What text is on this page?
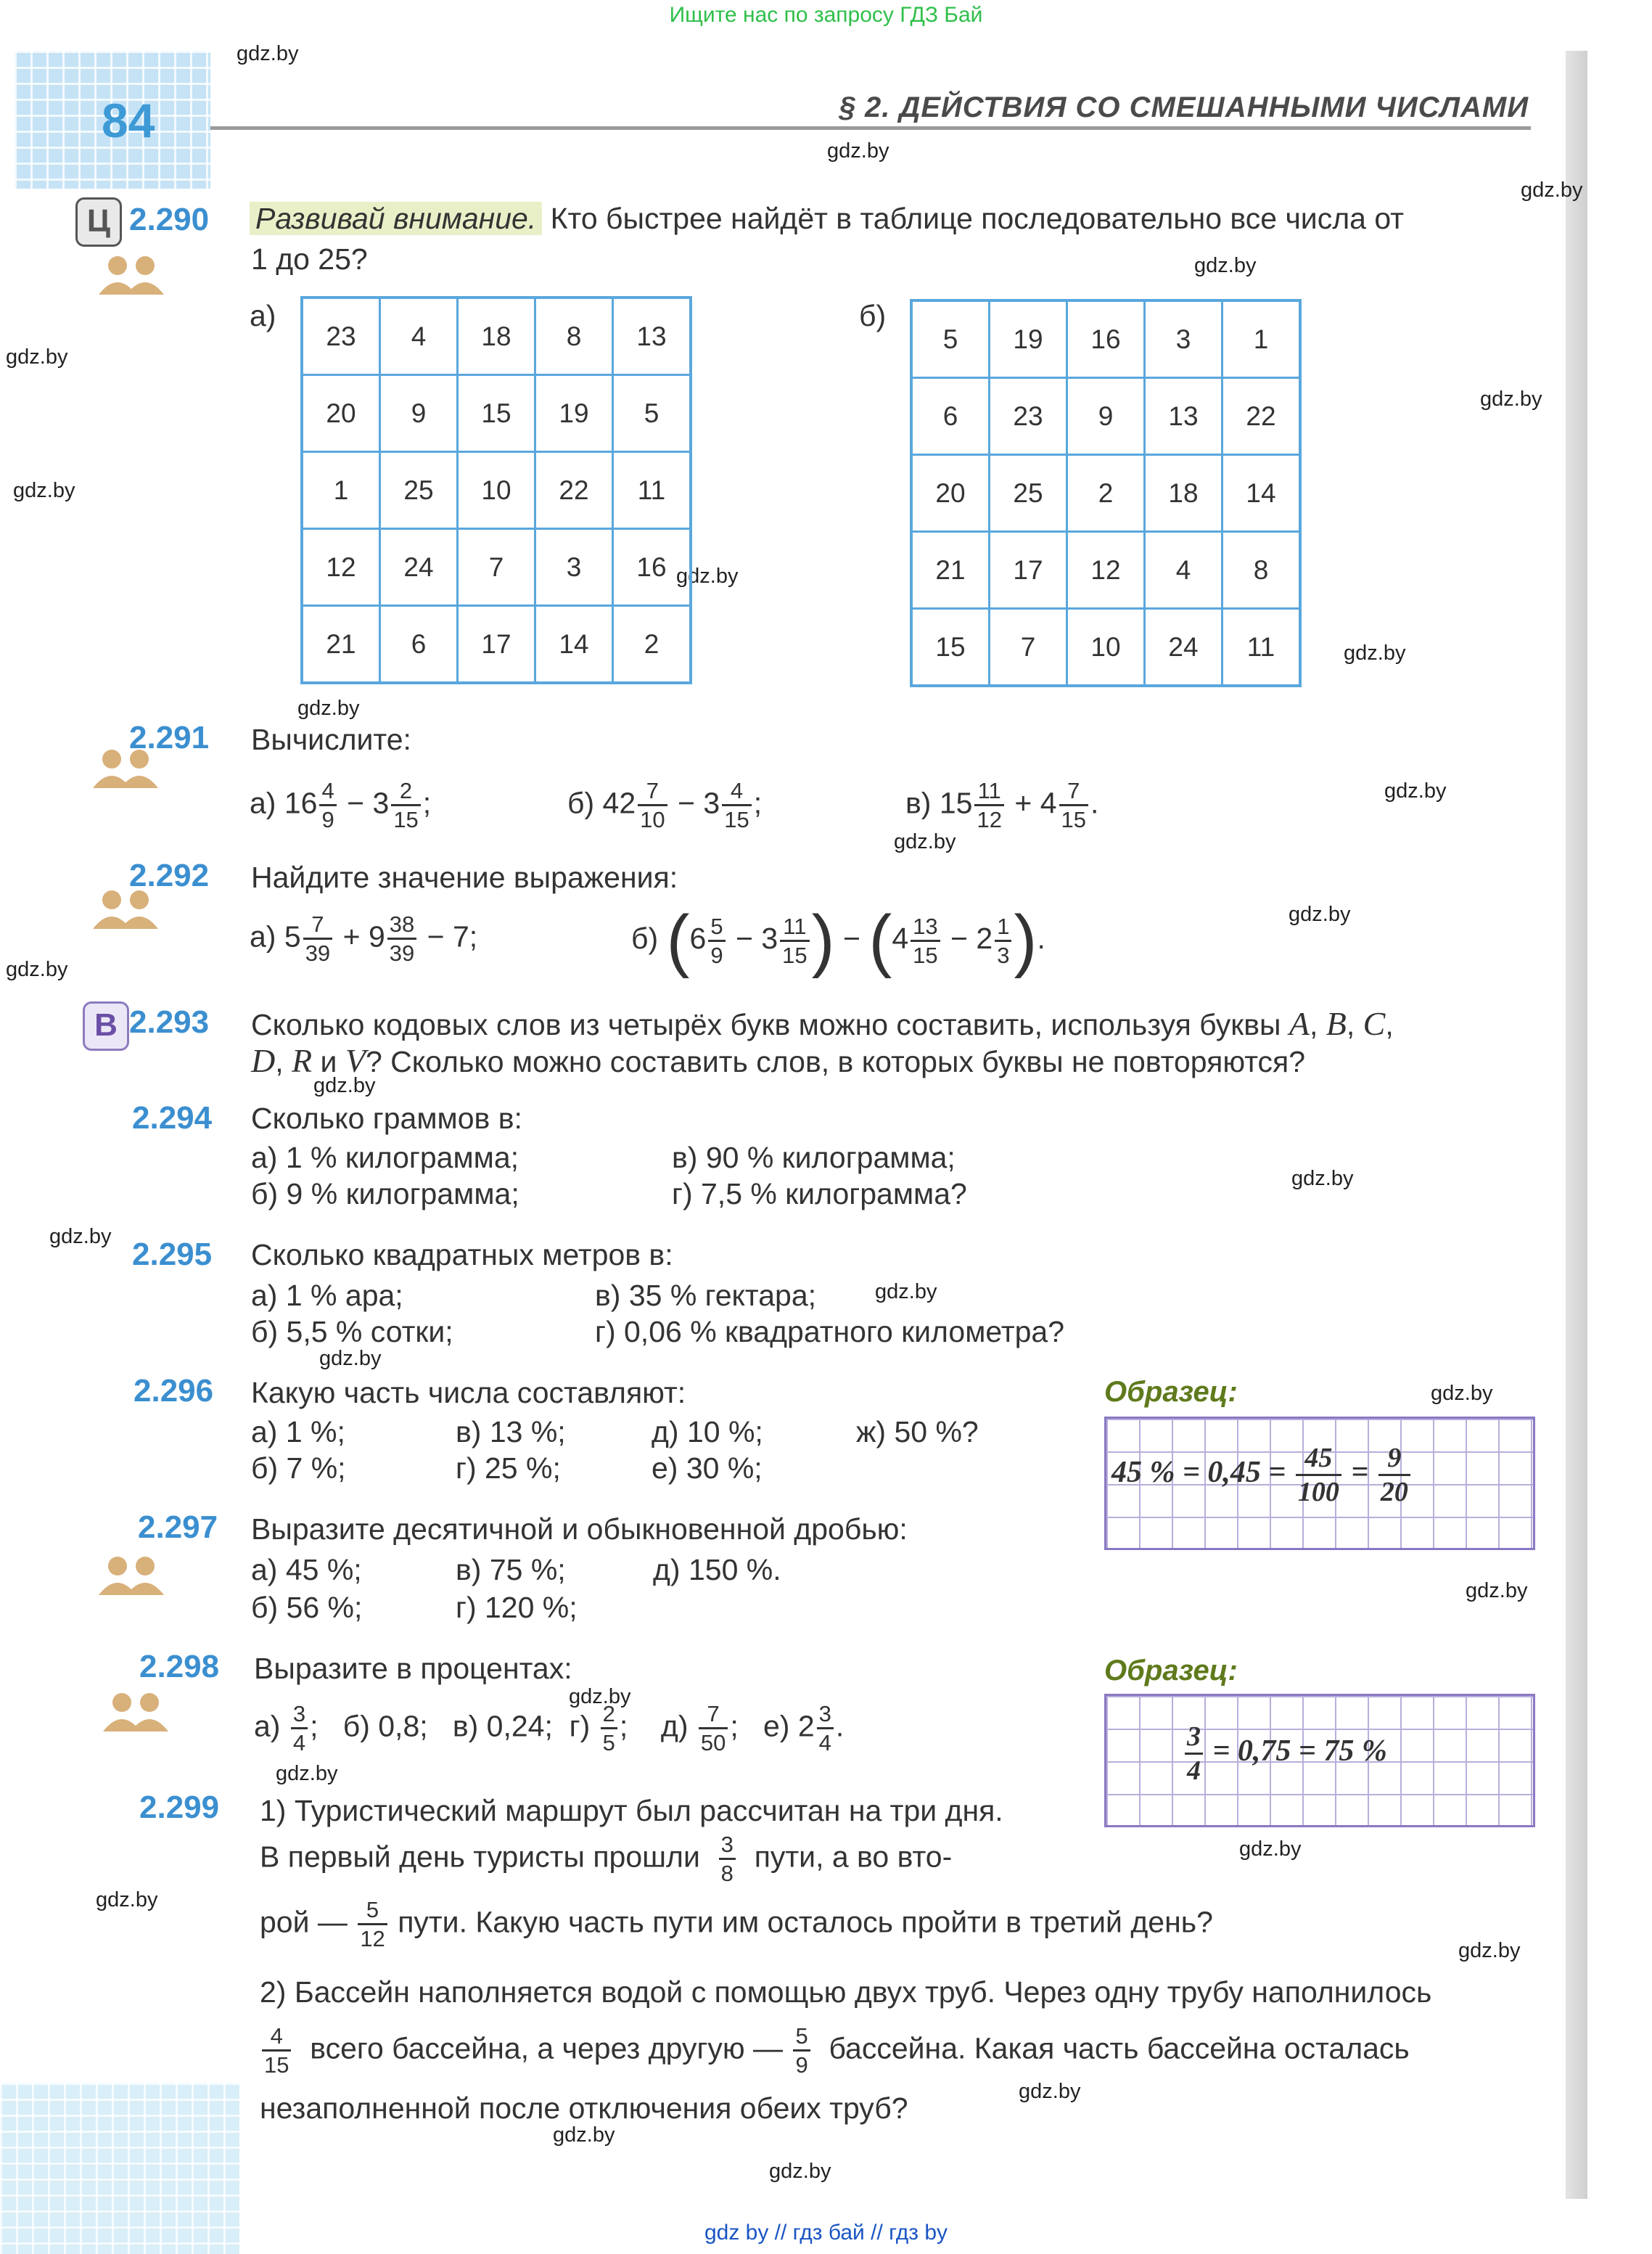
Ищите нас по запросу ГДЗ Бай
84	§ 2. ДЕЙСТВИЯ СО СМЕШАННЫМИ ЧИСЛАМИ
gdz.by
gdz.by
gdz.by
gdz.by
gdz.by
gdz.by
gdz.by
gdz.by
gdz.by
gdz.by
gdz.by
gdz.by
gdz.by
gdz.by
gdz.by
gdz.by
gdz.by
gdz.by
gdz.by
gdz.by
gdz.by
gdz.by
gdz.by
gdz.by
gdz.by
gdz.by
gdz.by
gdz.by
gdz.by
Ц 2.290 Развивай внимание. Кто быстрее найдёт в таблице последовательно все числа от
1 до 25?
а)	б)
23	4	18	8	13
20	9	15	19	5
1	25	10	22	11
12	24	7	3	16
21	6	17	14	2
5	19	16	3	1
6	23	9	13	22
20	25	2	18	14
21	17	12	4	8
15	7	10	24	11
2.291 Вычислите:
а) $16 \frac{4}{9} - 3 \frac{2}{15}$ ;	б) $42 \frac{7}{10} - 3 \frac{4}{15}$ ;	в) $15 \frac{11}{12} + 4 \frac{7}{15}$ .
2.292 Найдите значение выражения:
а) $5 \frac{7}{39} + 9 \frac{38}{39} - 7$;	б) ($6 \frac{5}{9} - 3 \frac{11}{15}$ ) − ($4 \frac{13}{15} - 2 \frac{1}{3}$ ).
В 2.293 Сколько кодовых слов из четырёх букв можно составить, используя буквы A, B, C,
D, R и V? Сколько можно составить слов, в которых буквы не повторяются?
2.294 Сколько граммов в:
а) 1 % килограмма;
б) 9 % килограмма;
в) 90 % килограмма;
г) 7,5 % килограмма?
2.295 Сколько квадратных метров в:
а) 1 % ара;
б) 5,5 % сотки;
в) 35 % гектара;
г) 0,06 % квадратного километра?
2.296 Какую часть числа составляют:
а) 1 %;
б) 7 %;
в) 13 %;
г) 25 %;
д) 10 %;
е) 30 %;
ж) 50 %?
Образец:
45 % = $0,45 = \frac{45}{100} = \frac{9}{20}$
2.297 Выразите десятичной и обыкновенной дробью:
а) 45 %;
б) 56 %;
в) 75 %;
г) 120 %;
д) 150 %.
2.298 Выразите в процентах:
$а) \frac{3}{4}$ ; б) 0,8; в) 0,24; $г) \frac{2}{5}$ ; $д) \frac{7}{50}$ ; е) $2 \frac{3}{4}$ .
Образец:
$\frac{3}{4} = 0,75 = 75$ %
2.299 1) Туристический маршрут был рассчитан на три дня.
В первый день туристы прошли $\frac{3}{8}$ пути, а во вто-
рой — $\frac{5}{12}$ пути. Какую часть пути им осталось пройти в третий день?
2) Бассейн наполняется водой с помощью двух труб. Через одну трубу наполнилось
$\frac{4}{15}$ всего бассейна, а через другую — $\frac{5}{9}$ бассейна. Какая часть бассейна осталась
незаполненной после отключения обеих труб?
gdz by // гдз бай // гдз by
